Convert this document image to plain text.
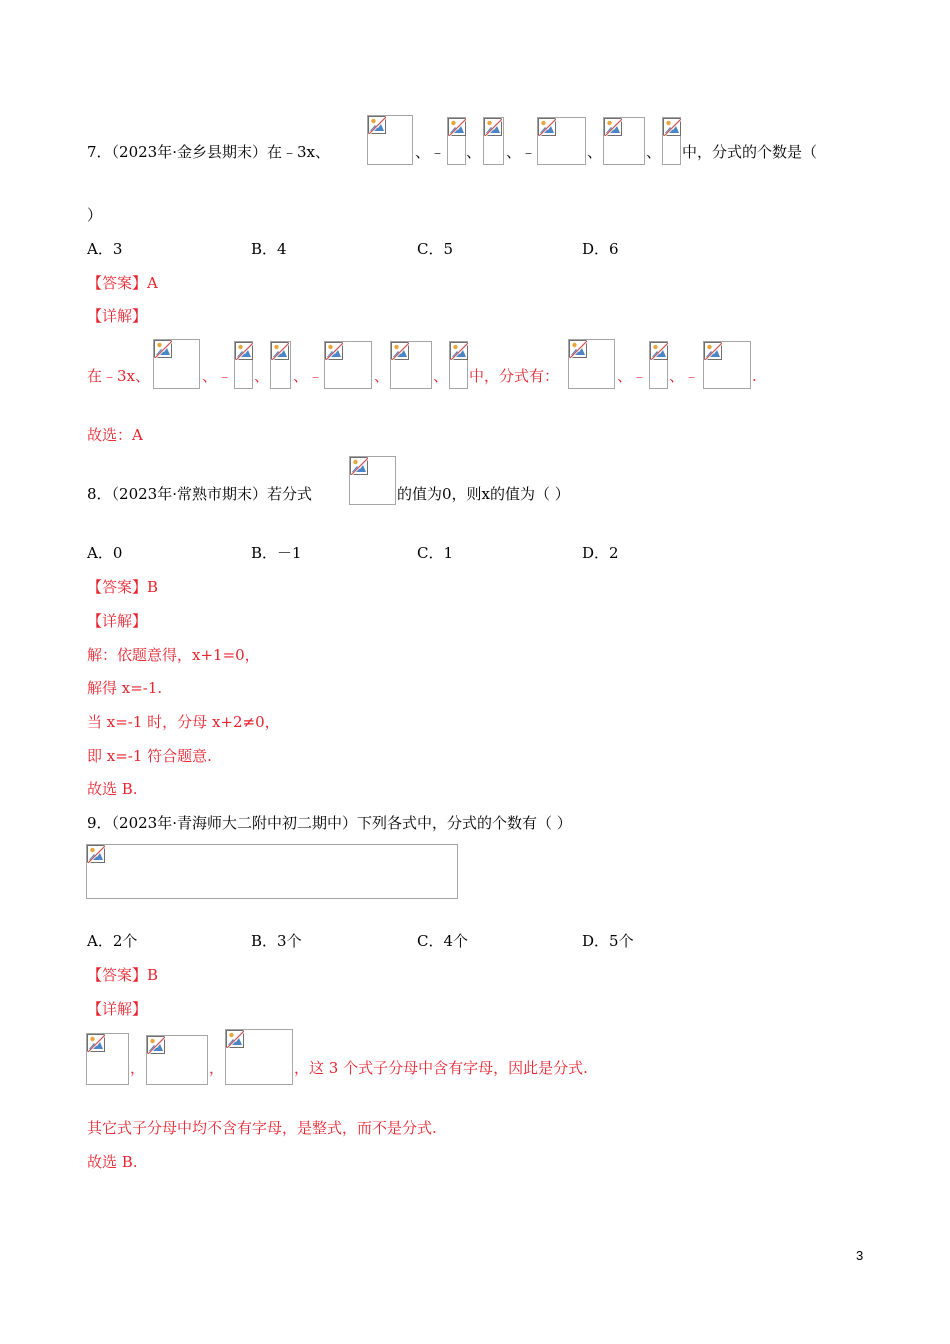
7．（2023年·金乡县期末）在﹣3x、	、﹣ 、 、﹣	、	、 中，分式的个数是（
）
A．3	B．4	C．5	D．6
【答案】A
【详解】
在﹣3x、	、﹣ 、 、﹣	、	、 中，分式有：	、﹣ 、﹣	.
故选：A
8．（2023年·常熟市期末）若分式	的值为0，则x的值为（ ）
A．0	B．－1	C．1	D．2
【答案】B
【详解】
解：依题意得，x+1=0，
解得 x=-1.
当 x=-1 时，分母 x+2≠0，
即 x=-1 符合题意.
故选 B.
9．（2023年·青海师大二附中初二期中）下列各式中，分式的个数有（ ）
A．2个	B．3个	C．4个	D．5个
【答案】B
【详解】
，	，	，这 3 个式子分母中含有字母，因此是分式.
其它式子分母中均不含有字母，是整式，而不是分式.
故选 B.
3
